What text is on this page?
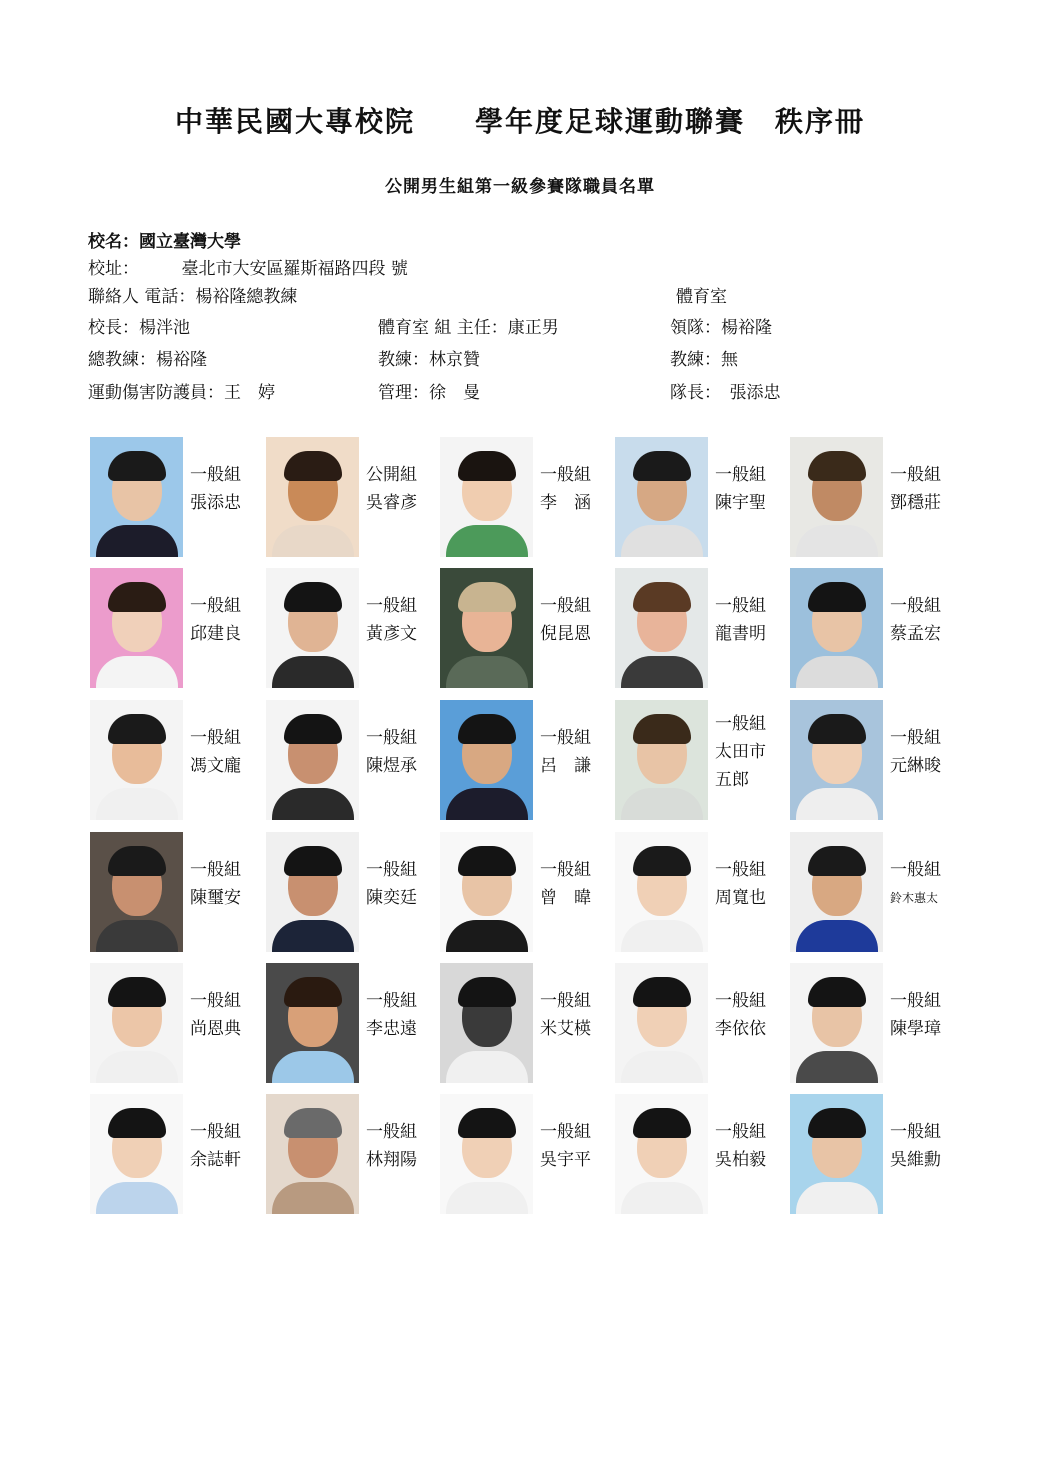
中華民國大專校院　　學年度足球運動聯賽　秩序冊
公開男生組第一級參賽隊職員名單
校名：國立臺灣大學
校址：　　　臺北市大安區羅斯福路四段 號
聯絡人 電話：楊裕隆總教練	體育室
校長：楊泮池	體育室 組 主任：康正男	領隊：楊裕隆
總教練：楊裕隆	教練：林京贊	教練：無
運動傷害防護員：王　婷	管理：徐　曼	隊長：　張添忠
一般組
張添忠
公開組
吳睿彥
一般組
李　涵
一般組
陳宇聖
一般組
鄧穩莊
一般組
邱建良
一般組
黃彥文
一般組
倪昆恩
一般組
龍書明
一般組
蔡孟宏
一般組
馮文龐
一般組
陳煜承
一般組
呂　謙
一般組
太田市
五郎
一般組
元綝晙
一般組
陳璽安
一般組
陳奕廷
一般組
曾　暐
一般組
周寬也
一般組
鈴木惠太
一般組
尚恩典
一般組
李忠遠
一般組
米艾楧
一般組
李依依
一般組
陳學璋
一般組
余誌軒
一般組
林翔陽
一般組
吳宇平
一般組
吳柏毅
一般組
吳維勳
